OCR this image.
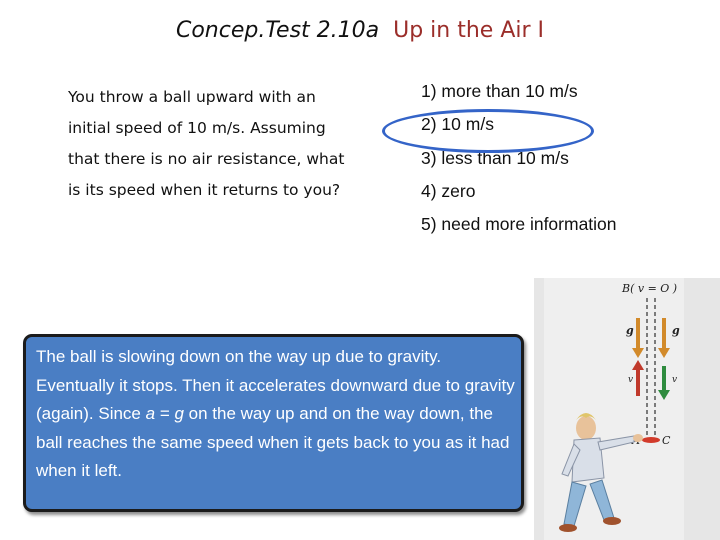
Concep.Test 2.10a Up in the Air I
You throw a ball upward with an
initial speed of 10 m/s. Assuming
that there is no air resistance, what
is its speed when it returns to you?
1) more than 10 m/s
2) 10 m/s
3) less than 10 m/s
4) zero
5) need more information
B( v = O )
g	g
v	v
C

The ball is slowing down on the way up due to gravity. Eventually it stops. Then it accelerates downward due to gravity (again). Since a = g on the way up and on the way down, the ball reaches the same speed when it gets back to you as it had when it left.
